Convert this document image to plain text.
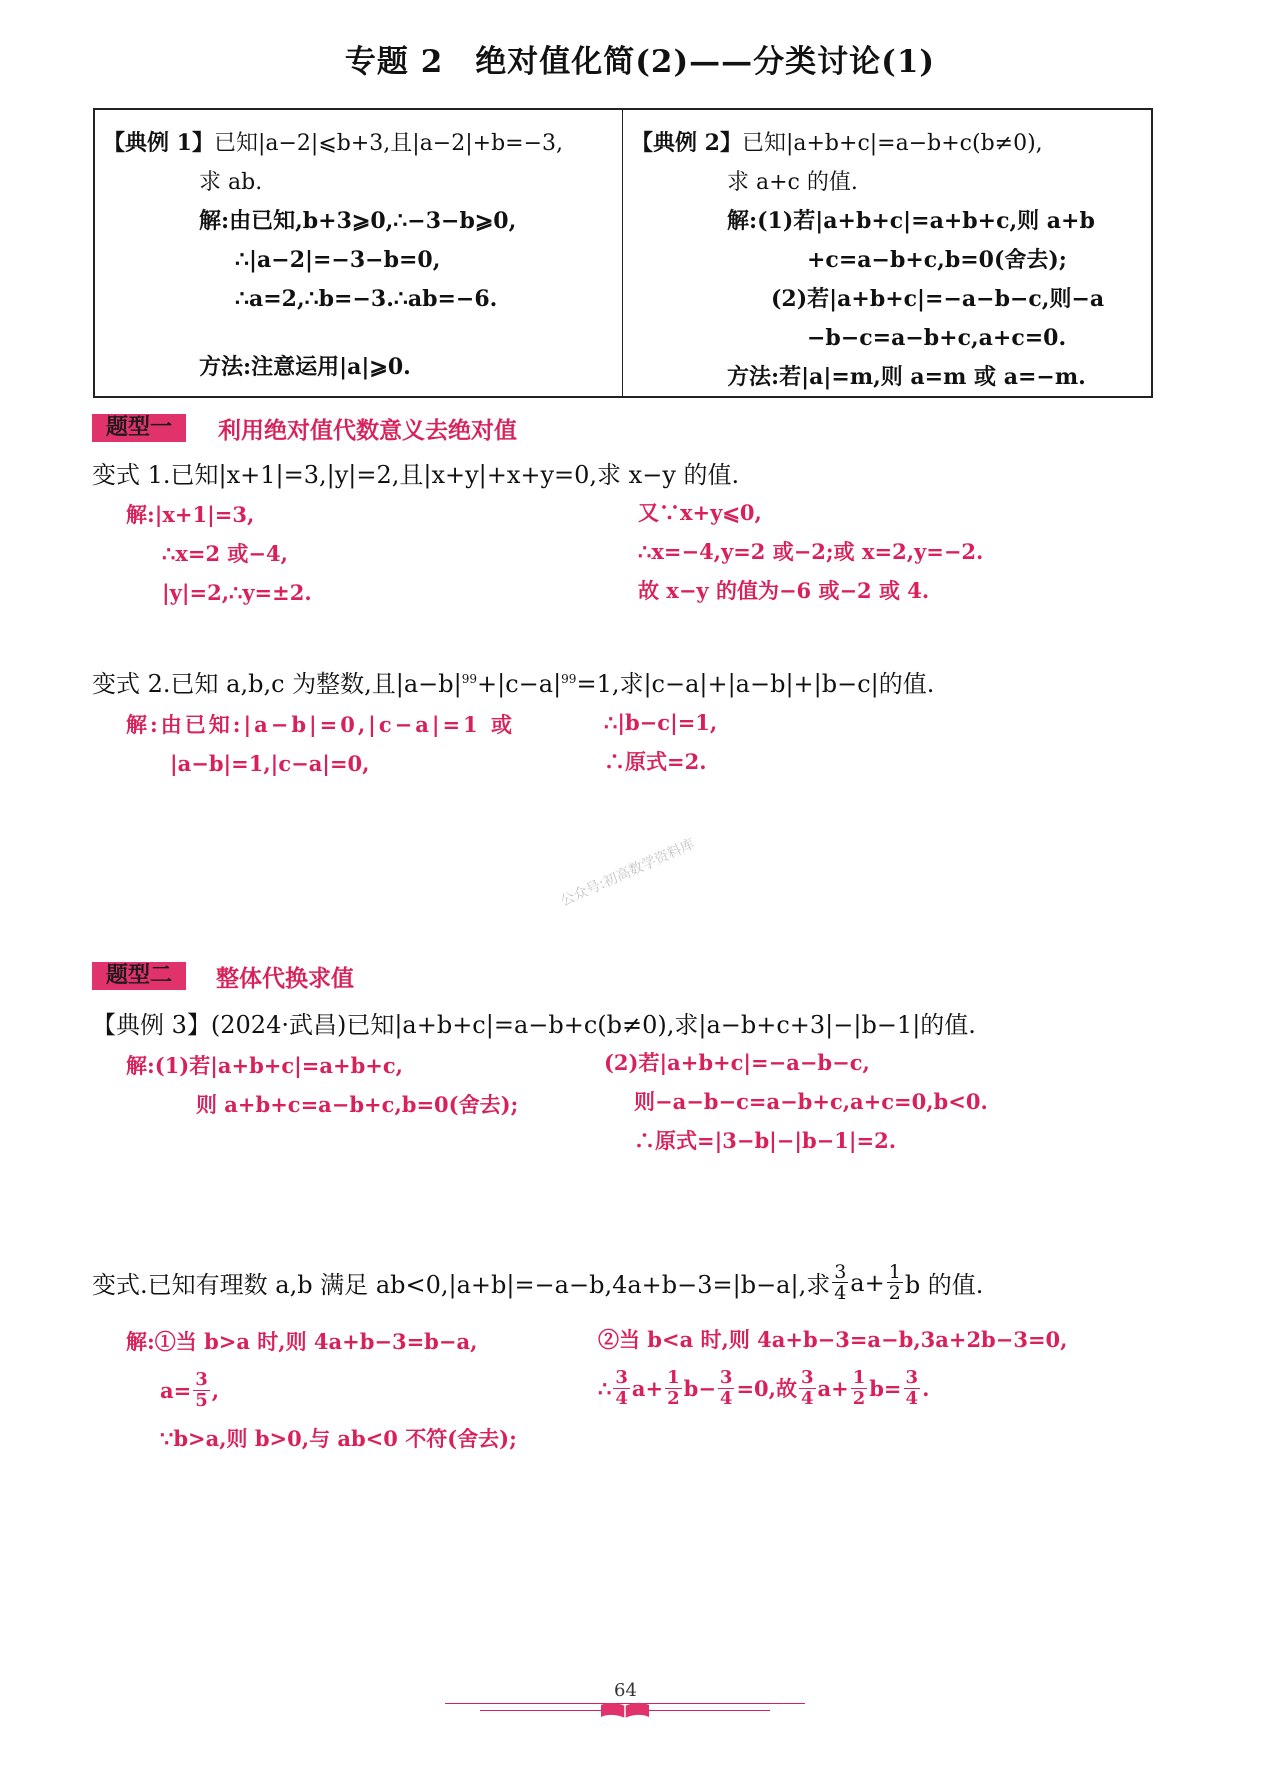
专题 2　绝对值化简(2)——分类讨论(1)
【典例 1】已知|a−2|⩽b+3,且|a−2|+b=−3,
求 ab.
解:由已知,b+3⩾0,∴−3−b⩾0,
∴|a−2|=−3−b=0,
∴a=2,∴b=−3.∴ab=−6.
方法:注意运用|a|⩾0.
【典例 2】已知|a+b+c|=a−b+c(b≠0),
求 a+c 的值.
解:(1)若|a+b+c|=a+b+c,则 a+b
+c=a−b+c,b=0(舍去);
(2)若|a+b+c|=−a−b−c,则−a
−b−c=a−b+c,a+c=0.
方法:若|a|=m,则 a=m 或 a=−m.
题型一	利用绝对值代数意义去绝对值
变式 1.已知|x+1|=3,|y|=2,且|x+y|+x+y=0,求 x−y 的值.
解:|x+1|=3,
∴x=2 或−4,
|y|=2,∴y=±2.
又∵x+y⩽0,
∴x=−4,y=2 或−2;或 x=2,y=−2.
故 x−y 的值为−6 或−2 或 4.
变式 2.已知 a,b,c 为整数,且$|a-b|^{99}+|c-a|^{99}=1$,求|c−a|+|a−b|+|b−c|的值.
解:由已知:|a−b|=0,|c−a|=1 或
|a−b|=1,|c−a|=0,
∴|b−c|=1,
∴原式=2.
公众号:初高数学资料库
题型二	整体代换求值
【典例 3】(2024·武昌)已知|a+b+c|=a−b+c(b≠0),求|a−b+c+3|−|b−1|的值.
解:(1)若|a+b+c|=a+b+c,
则 a+b+c=a−b+c,b=0(舍去);
(2)若|a+b+c|=−a−b−c,
则−a−b−c=a−b+c,a+c=0,b<0.
∴原式=|3−b|−|b−1|=2.
变式.已知有理数 a,b 满足 ab<0,|a+b|=−a−b,4a+b−3=|b−a|,求 $\frac{3}{4} a+ \frac{1}{2}$ b 的值.
解:①当 b>a 时,则 4a+b−3=b−a,
$a= \frac{3}{5}$ ,
∵b>a,则 b>0,与 ab<0 不符(舍去);
②当 b<a 时,则 4a+b−3=a−b,3a+2b−3=0,
∴ $\frac{3}{4} a+ \frac{1}{2} b- \frac{3}{4} =0$,故 $\frac{3}{4} a+ \frac{1}{2} b= \frac{3}{4}$ .
64
